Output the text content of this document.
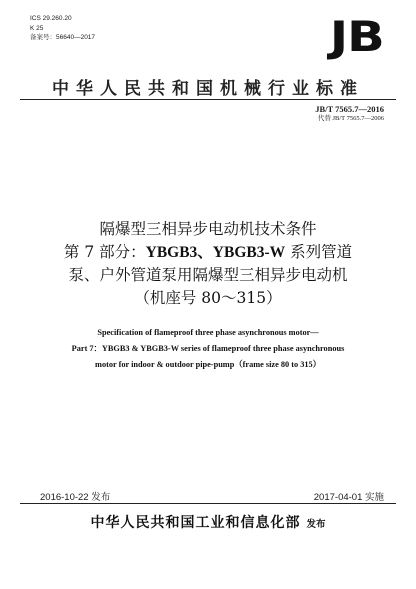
ICS 29.260.20
K 25
备案号：56640—2017	JB
中华人民共和国机械行业标准
JB/T 7565.7—2016
代替 JB/T 7565.7—2006
隔爆型三相异步电动机技术条件
第 7 部分：YBGB3、YBGB3-W 系列管道
泵、户外管道泵用隔爆型三相异步电动机
（机座号 80～315）
Specification of flameproof three phase asynchronous motor—
Part 7：YBGB3 & YBGB3-W series of flameproof three phase asynchronous
motor for indoor & outdoor pipe-pump（frame size 80 to 315）
2016-10-22 发布	2017-04-01 实施
中华人民共和国工业和信息化部 发布
